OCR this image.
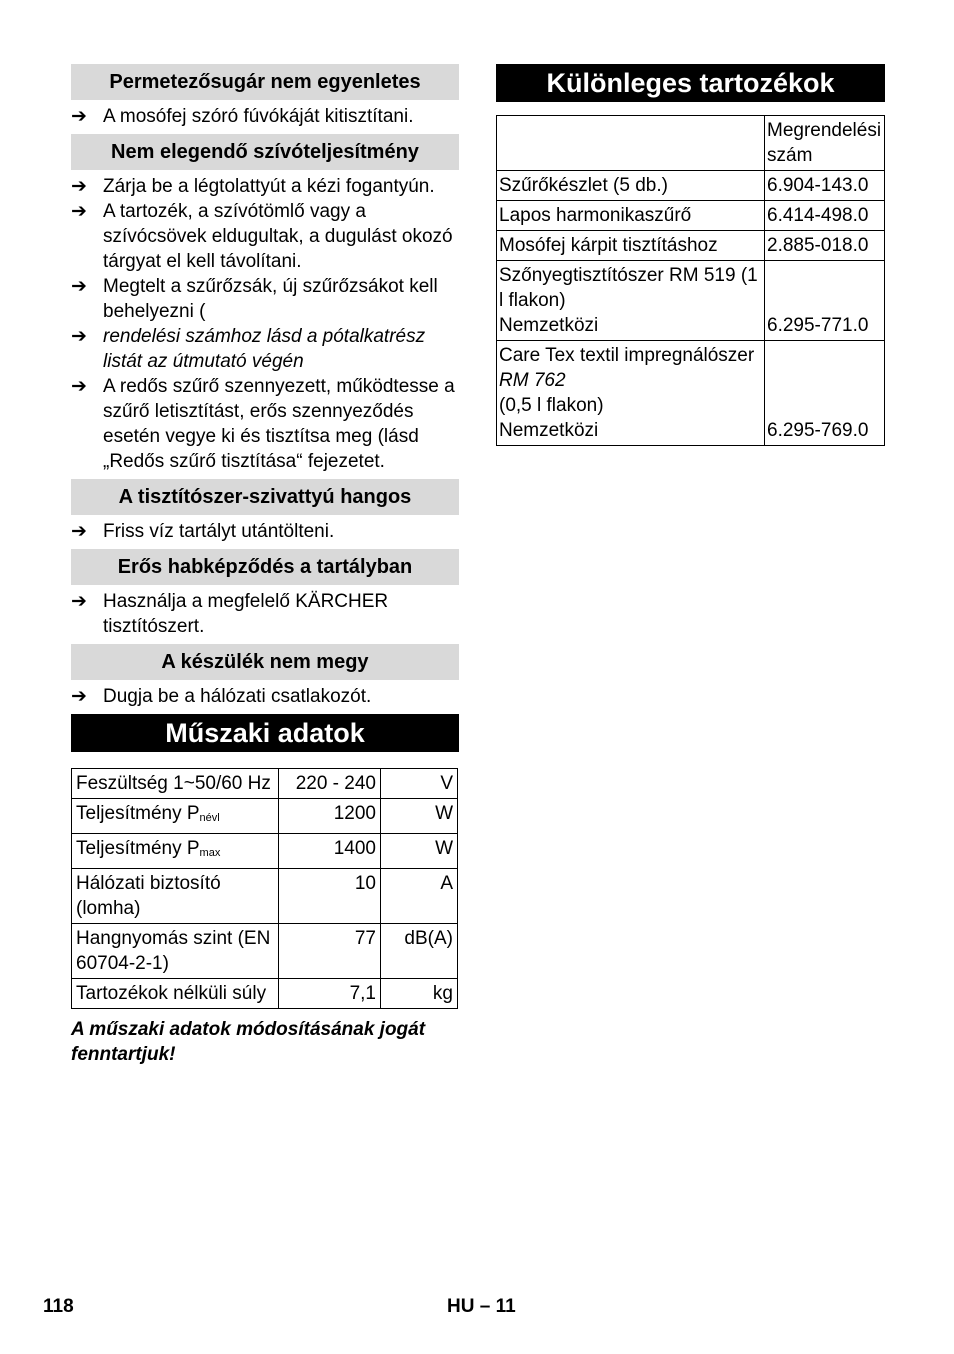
Permetezősugár nem egyenletes
➔ A mosófej szóró fúvókáját kitisztítani.
Nem elegendő szívóteljesítmény
➔ Zárja be a légtolattyút a kézi fogantyún.
➔ A tartozék, a szívótömlő vagy a szívócsövek eldugultak, a dugulást okozó tárgyat el kell távolítani.
➔ Megtelt a szűrőzsák, új szűrőzsákot kell behelyezni (
➔ rendelési számhoz lásd a pótalkatrész listát az útmutató végén
➔ A redős szűrő szennyezett, működtesse a szűrő letisztítást, erős szennyeződés esetén vegye ki és tisztítsa meg (lásd „Redős szűrő tisztítása“ fejezetet.
A tisztítószer-szivattyú hangos
➔ Friss víz tartályt utántölteni.
Erős habképződés a tartályban
➔ Használja a megfelelő KÄRCHER tisztítószert.
A készülék nem megy
➔ Dugja be a hálózati csatlakozót.
Műszaki adatok
Feszültség 1~50/60 Hz	220 - 240	V
Teljesítmény $P_{névl}$	1200	W
Teljesítmény $P_{max}$	1400	W
Hálózati biztosító (lomha)	10	A
Hangnyomás szint (EN 60704-2-1)	77	dB(A)
Tartozékok nélküli súly	7,1	kg
A műszaki adatok módosításának jogát fenntartjuk!
Különleges tartozékok
	Megrendelési szám

Szűrőkészlet (5 db.)	6.904-143.0

Lapos harmonikaszűrő	6.414-498.0

Mosófej kárpit tisztításhoz	2.885-018.0

Szőnyegtisztítószer RM 519 (1 l flakon)
Nemzetközi	6.295-771.0

Care Tex textil impregnálószer
RM 762
(0,5 l flakon)
Nemzetközi	6.295-769.0
118	HU – 11
